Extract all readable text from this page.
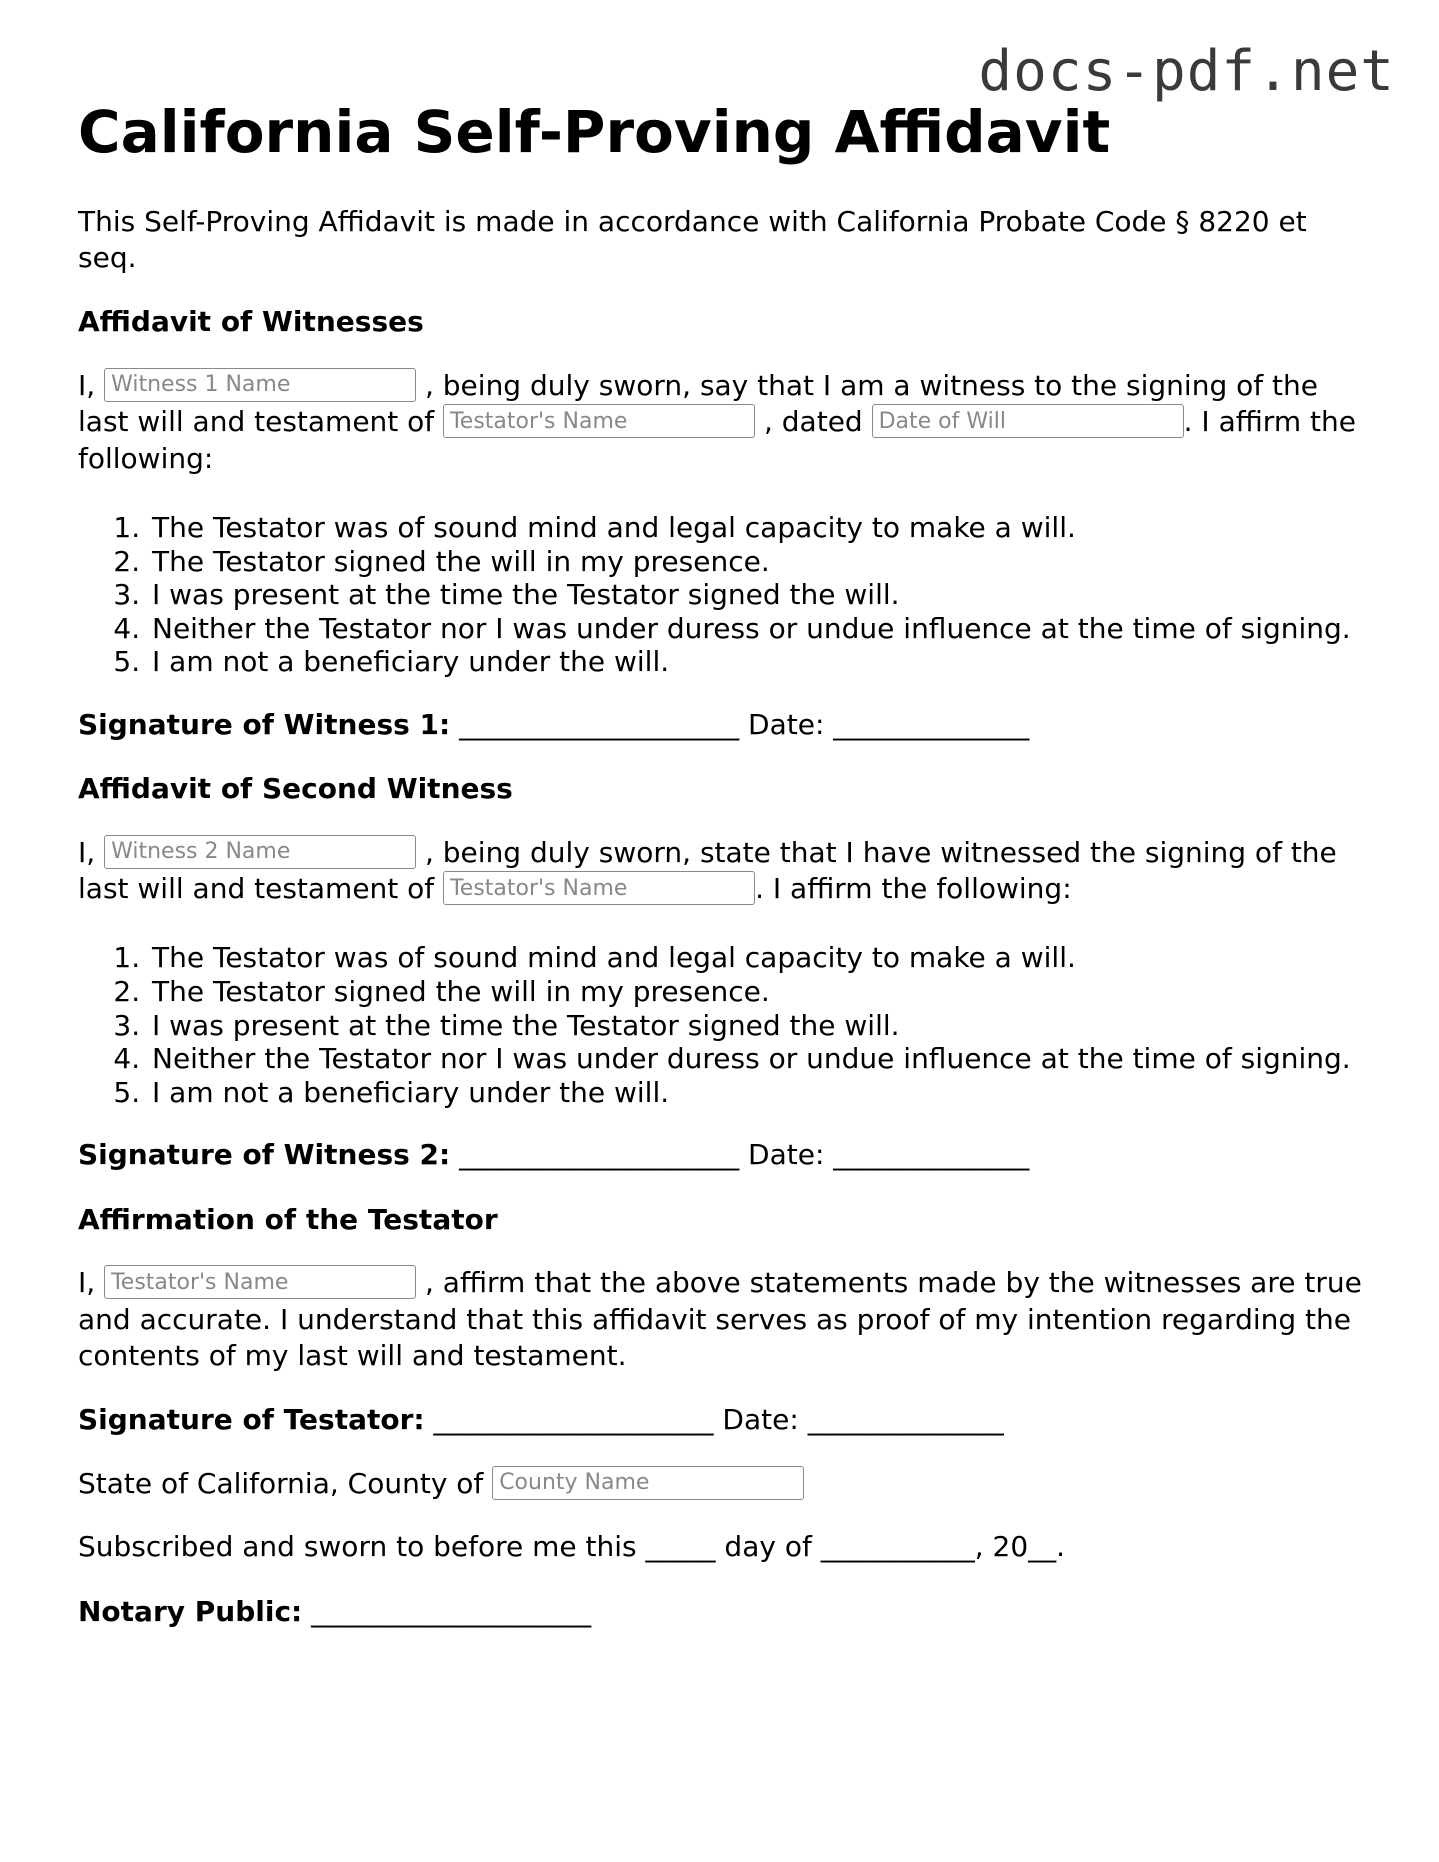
docs-pdf.net
California Self-Proving Affidavit

This Self-Proving Affidavit is made in accordance with California Probate Code § 8220 et seq.

Affidavit of Witnesses

I, Witness 1 Name	, being duly sworn, say that I am a witness to the signing of the last will and testament of Testator's Name	, dated Date of Will	. I affirm the following:

1. The Testator was of sound mind and legal capacity to make a will.
2. The Testator signed the will in my presence.
3. I was present at the time the Testator signed the will.
4. Neither the Testator nor I was under duress or undue influence at the time of signing.
5. I am not a beneficiary under the will.
Signature of Witness 1: ____________________ Date: ______________
Affidavit of Second Witness

I, Witness 2 Name	, being duly sworn, state that I have witnessed the signing of the last will and testament of Testator's Name	. I affirm the following:

1. The Testator was of sound mind and legal capacity to make a will.
2. The Testator signed the will in my presence.
3. I was present at the time the Testator signed the will.
4. Neither the Testator nor I was under duress or undue influence at the time of signing.
5. I am not a beneficiary under the will.
Signature of Witness 2: ____________________ Date: ______________
Affirmation of the Testator

I, Testator's Name	, affirm that the above statements made by the witnesses are true and accurate. I understand that this affidavit serves as proof of my intention regarding the contents of my last will and testament.

Signature of Testator: ____________________ Date: ______________

State of California, County of County Name

Subscribed and sworn to before me this _____ day of ___________, 20__.

Notary Public: ____________________
